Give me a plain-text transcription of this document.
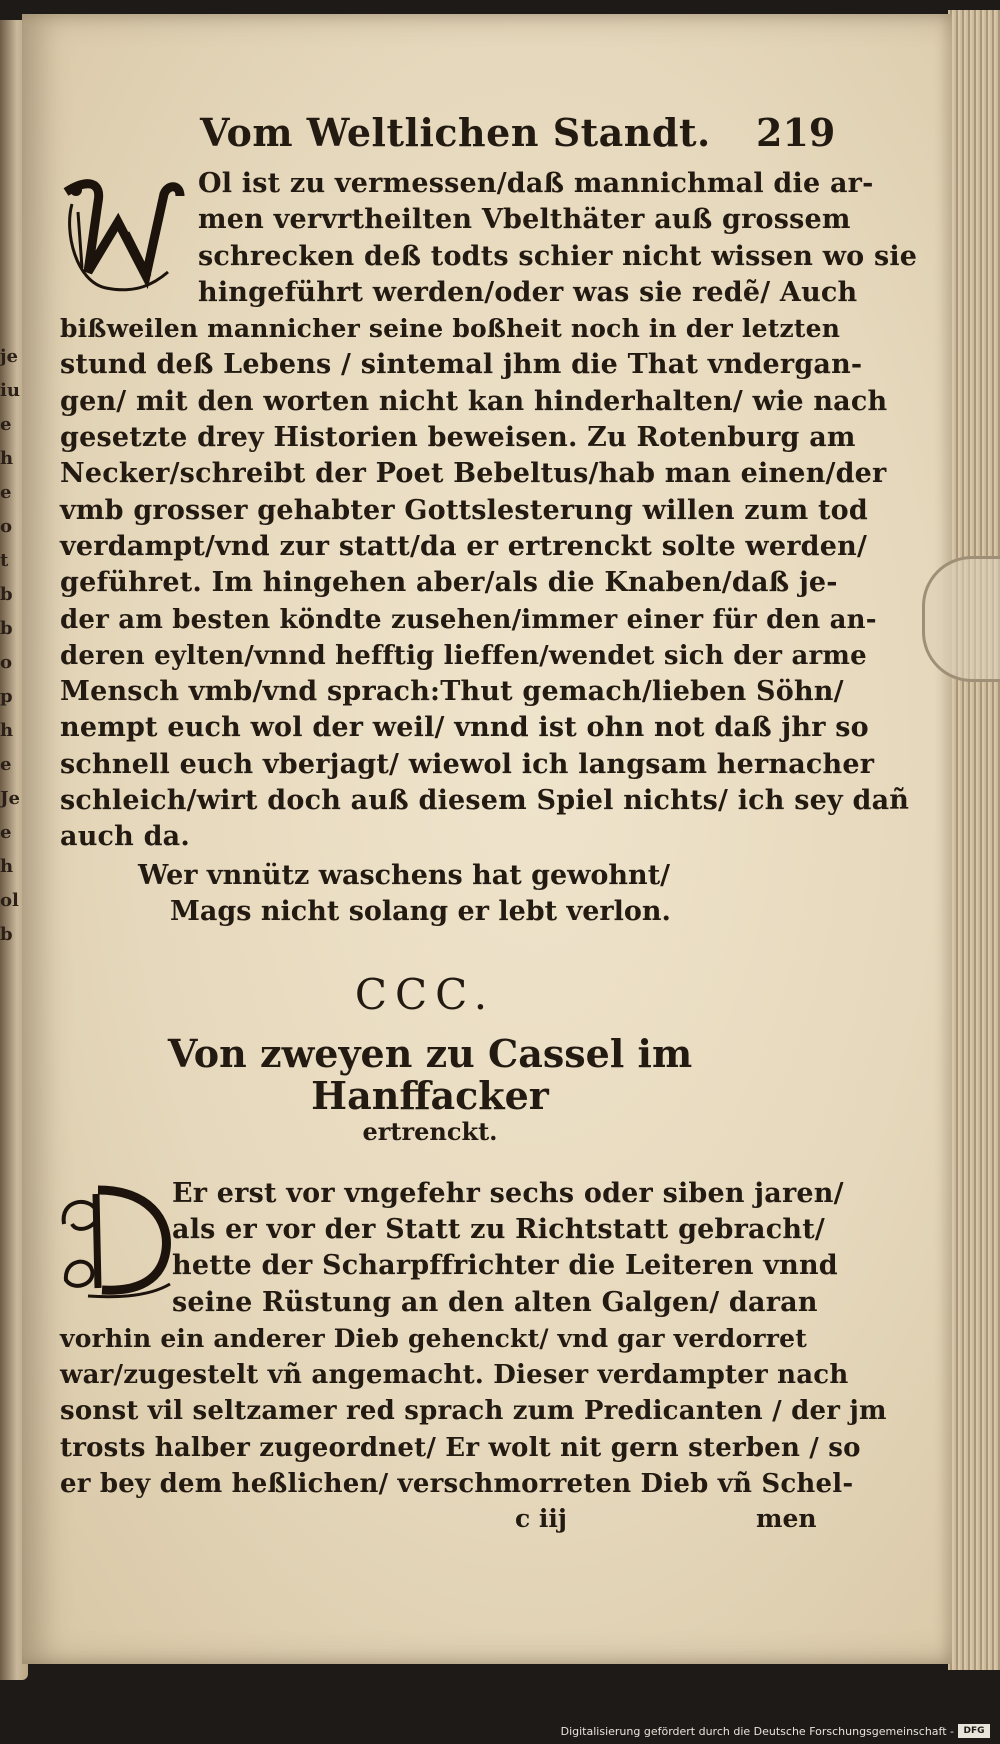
jeiu eh e ot b bo p he Je eh ol b
Vom Weltlichen Standt. 219
W
Ol ist zu vermessen/daß mannichmal die ar-
men vervrtheilten Vbelthäter auß grossem
schrecken deß todts schier nicht wissen wo sie
hingeführt werden/oder was sie redẽ/ Auch
bißweilen mannicher seine boßheit noch in der letzten
stund deß Lebens / sintemal jhm die That vndergan-
gen/ mit den worten nicht kan hinderhalten/ wie nach
gesetzte drey Historien beweisen. Zu Rotenburg am
Necker/schreibt der Poet Bebeltus/hab man einen/der
vmb grosser gehabter Gottslesterung willen zum tod
verdampt/vnd zur statt/da er ertrenckt solte werden/
geführet. Im hingehen aber/als die Knaben/daß je-
der am besten köndte zusehen/immer einer für den an-
deren eylten/vnnd hefftig lieffen/wendet sich der arme
Mensch vmb/vnd sprach:Thut gemach/lieben Söhn/
nempt euch wol der weil/ vnnd ist ohn not daß jhr so
schnell euch vberjagt/ wiewol ich langsam hernacher
schleich/wirt doch auß diesem Spiel nichts/ ich sey dañ
auch da.
Wer vnnütz waschens hat gewohnt/
Mags nicht solang er lebt verlon.
CCC.
Von zweyen zu Cassel im Hanffacker
ertrenckt.
D
Er erst vor vngefehr sechs oder siben jaren/
als er vor der Statt zu Richtstatt gebracht/
hette der Scharpffrichter die Leiteren vnnd
seine Rüstung an den alten Galgen/ daran
vorhin ein anderer Dieb gehenckt/ vnd gar verdorret
war/zugestelt vñ angemacht. Dieser verdampter nach
sonst vil seltzamer red sprach zum Predicanten / der jm
trosts halber zugeordnet/ Er wolt nit gern sterben / so
er bey dem heßlichen/ verschmorreten Dieb vñ Schel-
c iij	men
Digitalisierung gefördert durch die Deutsche Forschungsgemeinschaft -	DFG
